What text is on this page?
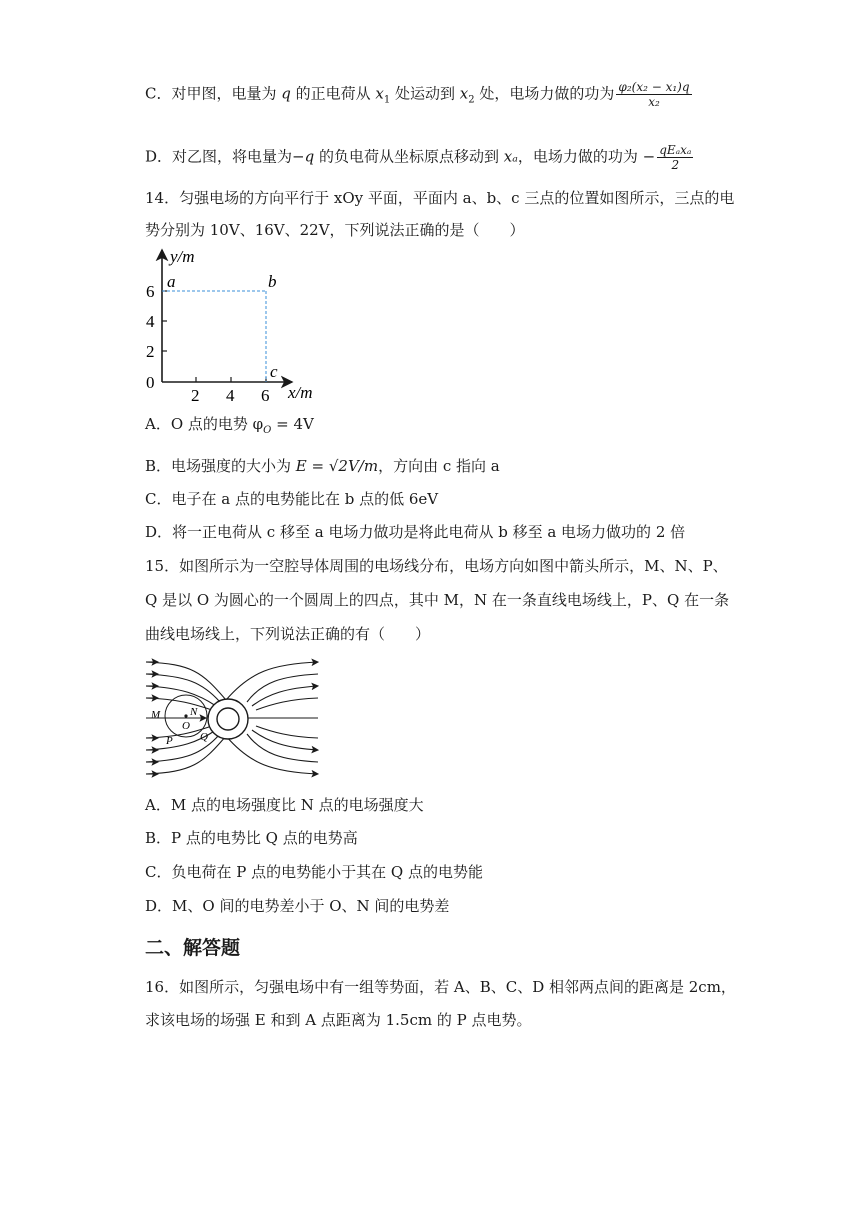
C．对甲图，电量为 q 的正电荷从 $x_1$ 处运动到 $x_2$ 处，电场力做的功为 $\frac{\text{φ₂(x₂ − x₁)q}}{\text{x₂}}$
D．对乙图，将电量为−q 的负电荷从坐标原点移动到 xₐ，电场力做的功为 − $\frac{\text{qEₐxₐ}}{2}$
14．匀强电场的方向平行于 xOy 平面，平面内 a、b、c 三点的位置如图所示，三点的电
势分别为 10V、16V、22V，下列说法正确的是（　　）
y/m
x/m
0
2
4
6
2 4 6
a	b
c
A．O 点的电势 $\varphi_O = 4V$
B．电场强度的大小为 E = √2V/m，方向由 c 指向 a
C．电子在 a 点的电势能比在 b 点的低 6eV
D．将一正电荷从 c 移至 a 电场力做功是将此电荷从 b 移至 a 电场力做功的 2 倍
15．如图所示为一空腔导体周围的电场线分布，电场方向如图中箭头所示，M、N、P、
Q 是以 O 为圆心的一个圆周上的四点，其中 M，N 在一条直线电场线上，P、Q 在一条
曲线电场线上，下列说法正确的有（　　）
M	N
O
P Q
A．M 点的电场强度比 N 点的电场强度大
B．P 点的电势比 Q 点的电势高
C．负电荷在 P 点的电势能小于其在 Q 点的电势能
D．M、O 间的电势差小于 O、N 间的电势差
二、解答题
16．如图所示，匀强电场中有一组等势面，若 A、B、C、D 相邻两点间的距离是 2cm，
求该电场的场强 E 和到 A 点距离为 1.5cm 的 P 点电势。
